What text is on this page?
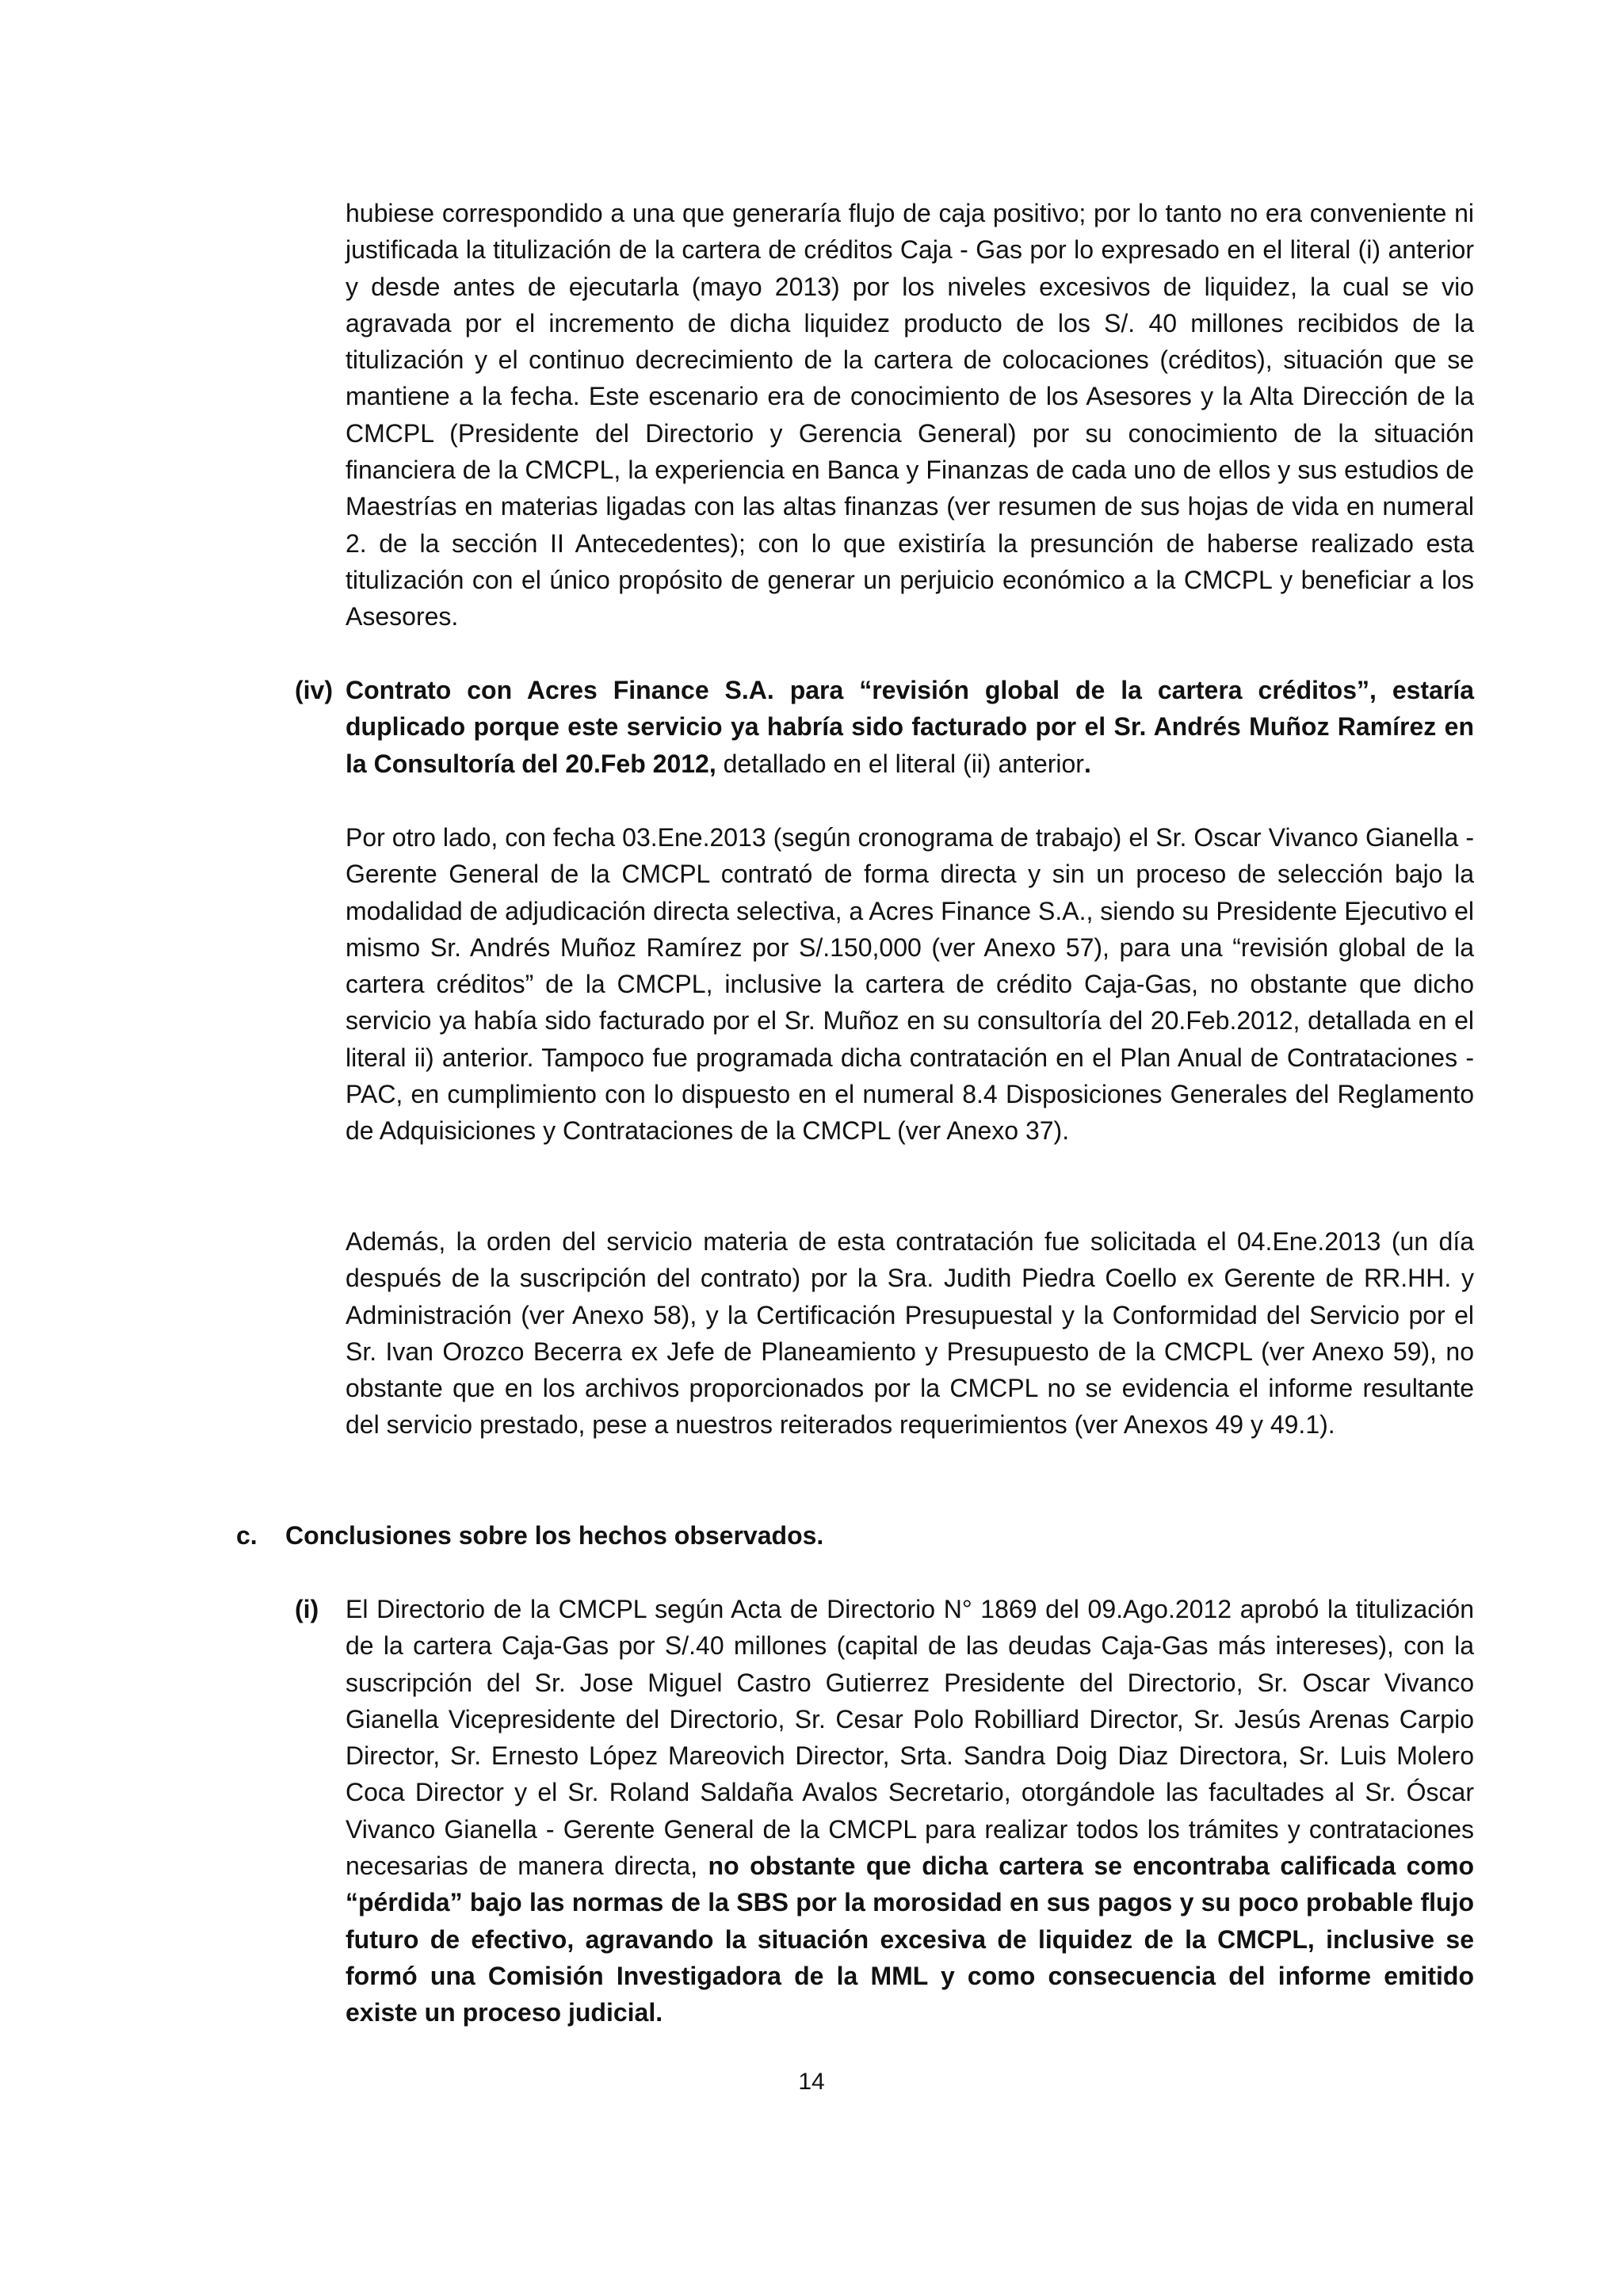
hubiese correspondido a una que generaría flujo de caja positivo; por lo tanto no era conveniente ni justificada la titulización de la cartera de créditos Caja - Gas por lo expresado en el literal (i) anterior y desde antes de ejecutarla (mayo 2013) por los niveles excesivos de liquidez, la cual se vio agravada por el incremento de dicha liquidez producto de los S/. 40 millones recibidos de la titulización y el continuo decrecimiento de la cartera de colocaciones (créditos), situación que se mantiene a la fecha. Este escenario era de conocimiento de los Asesores y la Alta Dirección de la CMCPL (Presidente del Directorio y Gerencia General) por su conocimiento de la situación financiera de la CMCPL, la experiencia en Banca y Finanzas de cada uno de ellos y sus estudios de Maestrías en materias ligadas con las altas finanzas (ver resumen de sus hojas de vida en numeral 2. de la sección II Antecedentes); con lo que existiría la presunción de haberse realizado esta titulización con el único propósito de generar un perjuicio económico a la CMCPL y beneficiar a los Asesores.

(iv) Contrato con Acres Finance S.A. para “revisión global de la cartera créditos”, estaría duplicado porque este servicio ya habría sido facturado por el Sr. Andrés Muñoz Ramírez en la Consultoría del 20.Feb 2012, detallado en el literal (ii) anterior.

Por otro lado, con fecha 03.Ene.2013 (según cronograma de trabajo) el Sr. Oscar Vivanco Gianella - Gerente General de la CMCPL contrató de forma directa y sin un proceso de selección bajo la modalidad de adjudicación directa selectiva, a Acres Finance S.A., siendo su Presidente Ejecutivo el mismo Sr. Andrés Muñoz Ramírez por S/.150,000 (ver Anexo 57), para una “revisión global de la cartera créditos” de la CMCPL, inclusive la cartera de crédito Caja-Gas, no obstante que dicho servicio ya había sido facturado por el Sr. Muñoz en su consultoría del 20.Feb.2012, detallada en el literal ii) anterior. Tampoco fue programada dicha contratación en el Plan Anual de Contrataciones - PAC, en cumplimiento con lo dispuesto en el numeral 8.4 Disposiciones Generales del Reglamento de Adquisiciones y Contrataciones de la CMCPL (ver Anexo 37).

Además, la orden del servicio materia de esta contratación fue solicitada el 04.Ene.2013 (un día después de la suscripción del contrato) por la Sra. Judith Piedra Coello ex Gerente de RR.HH. y Administración (ver Anexo 58), y la Certificación Presupuestal y la Conformidad del Servicio por el Sr. Ivan Orozco Becerra ex Jefe de Planeamiento y Presupuesto de la CMCPL (ver Anexo 59), no obstante que en los archivos proporcionados por la CMCPL no se evidencia el informe resultante del servicio prestado, pese a nuestros reiterados requerimientos (ver Anexos 49 y 49.1).

c. Conclusiones sobre los hechos observados.

(i) El Directorio de la CMCPL según Acta de Directorio N° 1869 del 09.Ago.2012 aprobó la titulización de la cartera Caja-Gas por S/.40 millones (capital de las deudas Caja-Gas más intereses), con la suscripción del Sr. Jose Miguel Castro Gutierrez Presidente del Directorio, Sr. Oscar Vivanco Gianella Vicepresidente del Directorio, Sr. Cesar Polo Robilliard Director, Sr. Jesús Arenas Carpio Director, Sr. Ernesto López Mareovich Director, Srta. Sandra Doig Diaz Directora, Sr. Luis Molero Coca Director y el Sr. Roland Saldaña Avalos Secretario, otorgándole las facultades al Sr. Óscar Vivanco Gianella - Gerente General de la CMCPL para realizar todos los trámites y contrataciones necesarias de manera directa, no obstante que dicha cartera se encontraba calificada como “pérdida” bajo las normas de la SBS por la morosidad en sus pagos y su poco probable flujo futuro de efectivo, agravando la situación excesiva de liquidez de la CMCPL, inclusive se formó una Comisión Investigadora de la MML y como consecuencia del informe emitido existe un proceso judicial.

14
